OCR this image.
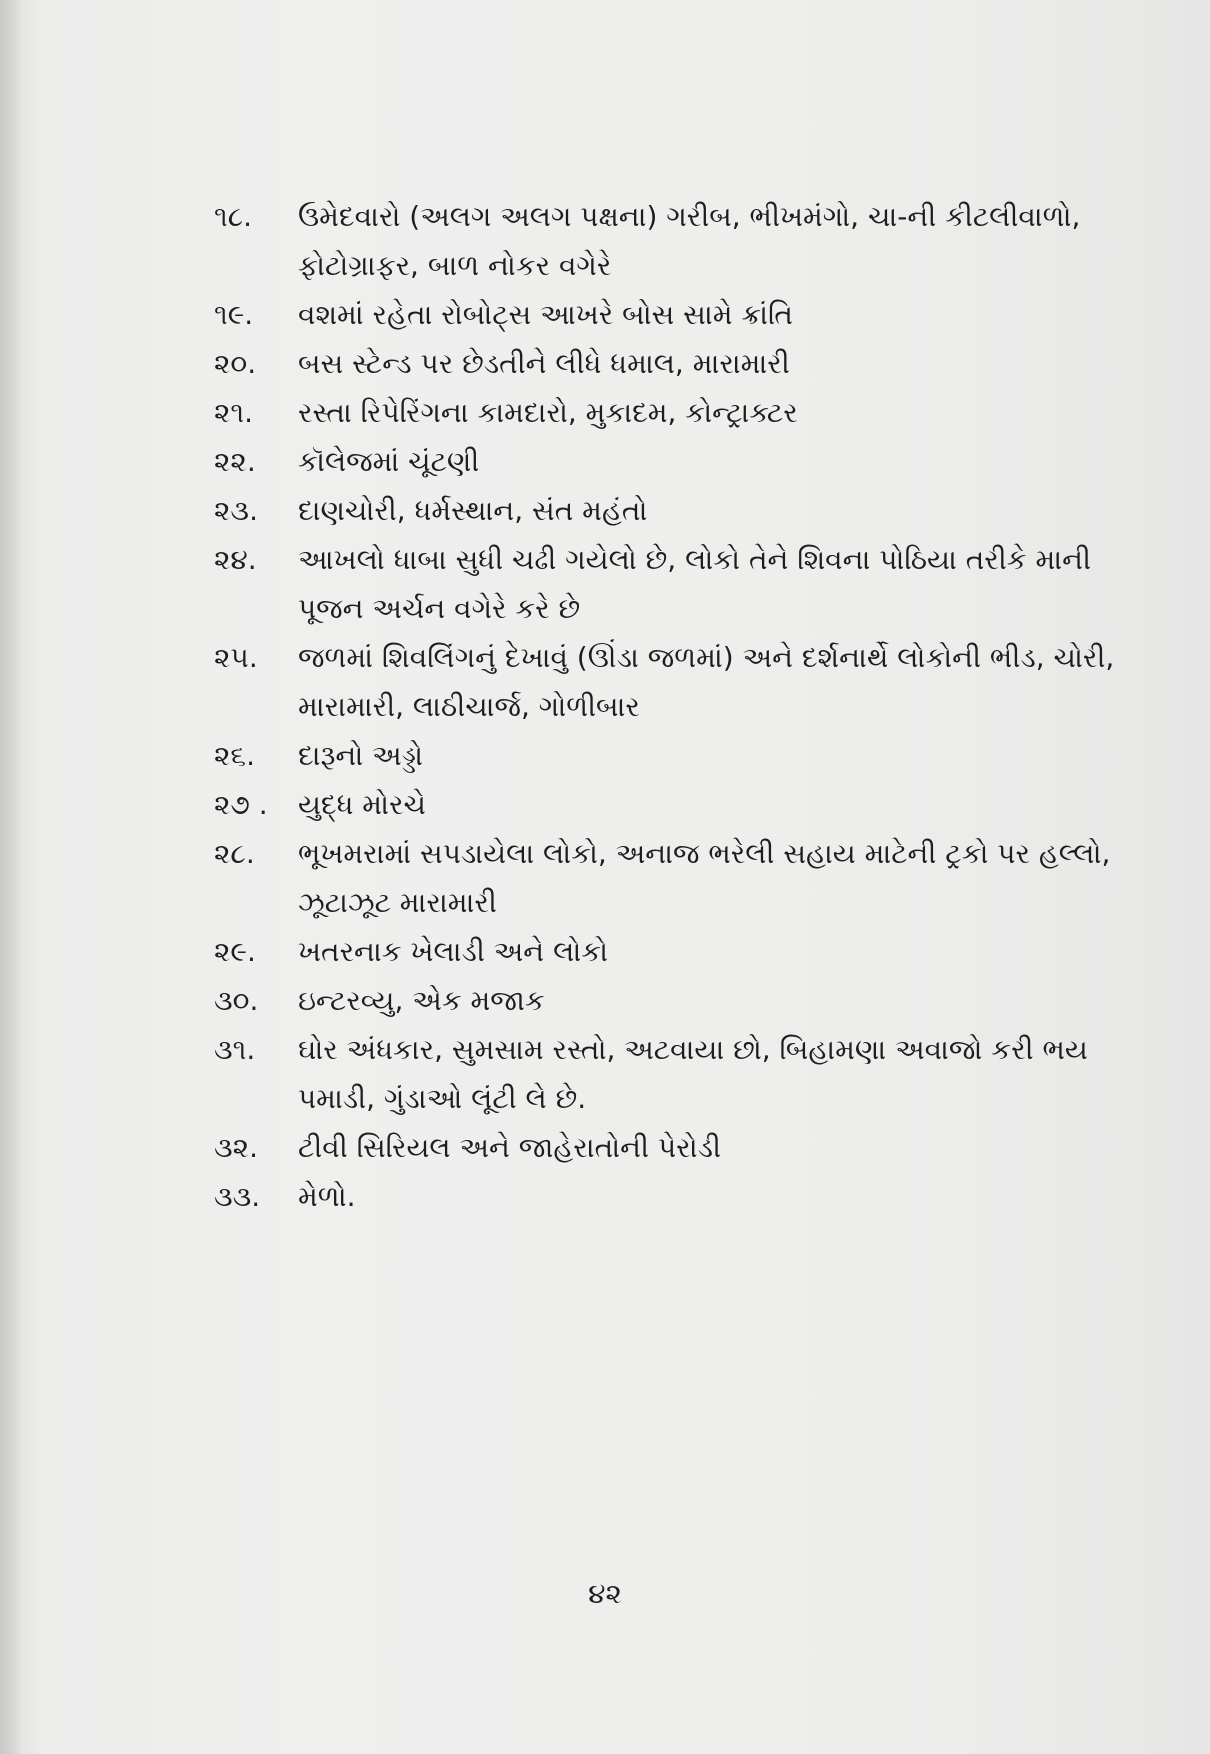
૧૮.	ઉમેદવારો (અલગ અલગ પક્ષના) ગરીબ, ભીખમંગો, ચા-ની કીટલીવાળો, ફોટોગ્રાફર, બાળ નોકર વગેરે
૧૯.	વશમાં રહેતા રોબોટ્સ આખરે બોસ સામે ક્રાંતિ
૨૦.	બસ સ્ટેન્ડ પર છેડતીને લીધે ધમાલ, મારામારી
૨૧.	રસ્તા રિપેરિંગના કામદારો, મુકાદમ, કોન્ટ્રાક્ટર
૨૨.	કૉલેજમાં ચૂંટણી
૨૩.	દાણચોરી, ધર્મસ્થાન, સંત મહંતો
૨૪.	આખલો ધાબા સુધી ચઢી ગયેલો છે, લોકો તેને શિવના પોઠિયા તરીકે માની પૂજન અર્ચન વગેરે કરે છે
૨૫.	જળમાં શિવલિંગનું દેખાવું (ઊંડા જળમાં) અને દર્શનાર્થે લોકોની ભીડ, ચોરી, મારામારી, લાઠીચાર્જ, ગોળીબાર
૨૬.	દારૂનો અડ્ડો
૨૭ .	યુદ્ધ મોરચે
૨૮.	ભૂખમરામાં સપડાયેલા લોકો, અનાજ ભરેલી સહાય માટેની ટ્રકો પર હલ્લો, ઝૂટાઝૂટ મારામારી
૨૯.	ખતરનાક ખેલાડી અને લોકો
૩૦.	ઇન્ટરવ્યુ, એક મજાક
૩૧.	ઘોર અંધકાર, સુમસામ રસ્તો, અટવાયા છો, બિહામણા અવાજો કરી ભય પમાડી, ગુંડાઓ લૂંટી લે છે.
૩૨.	ટીવી સિરિયલ અને જાહેરાતોની પેરોડી
૩૩.	મેળો.
૪૨
